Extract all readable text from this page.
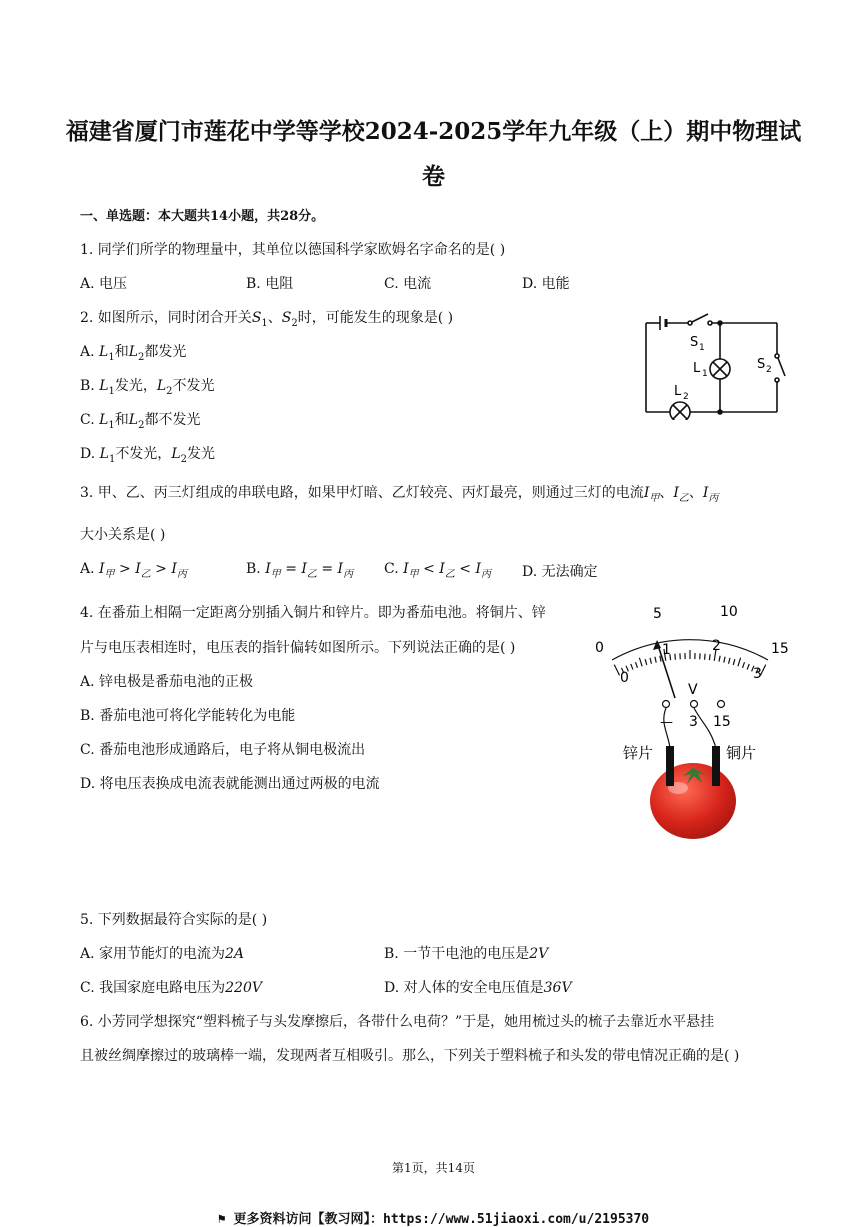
福建省厦门市莲花中学等学校2024-2025学年九年级（上）期中物理试
卷
一、单选题：本大题共14小题，共28分。
1. 同学们所学的物理量中，其单位以德国科学家欧姆名字命名的是( )
A. 电压	B. 电阻	C. 电流	D. 电能
2. 如图所示，同时闭合开关$S_1$、$S_2$时，可能发生的现象是( )
A. $L_1$和$L_2$都发光
B. $L_1$发光，$L_2$不发光
C. $L_1$和$L_2$都不发光
D. $L_1$不发光，$L_2$发光
S 1
S 2
L 1
L 2
3. 甲、乙、丙三灯组成的串联电路，如果甲灯暗、乙灯较亮、丙灯最亮，则通过三灯的电流$I_甲$、$I_乙$、$I_丙$
大小关系是( )
A. $I_甲 > I_乙 > I_丙$	B. $I_甲 = I_乙 = I_丙$ C. $I_甲 < I_乙 < I_丙$ D. 无法确定
4. 在番茄上相隔一定距离分别插入铜片和锌片。即为番茄电池。将铜片、锌
片与电压表相连时，电压表的指针偏转如图所示。下列说法正确的是( )
A. 锌电极是番茄电池的正极
B. 番茄电池可将化学能转化为电能
C. 番茄电池形成通路后，电子将从铜电极流出
D. 将电压表换成电流表就能测出通过两极的电流
0
5	10
15
0
1	2
3
V
— 3 15
锌片	铜片
5. 下列数据最符合实际的是( )
A. 家用节能灯的电流为2A	B. 一节干电池的电压是2V
C. 我国家庭电路电压为220V	D. 对人体的安全电压值是36V
6. 小芳同学想探究“塑料梳子与头发摩擦后，各带什么电荷？”于是，她用梳过头的梳子去靠近水平悬挂
且被丝绸摩擦过的玻璃棒一端，发现两者互相吸引。那么，下列关于塑料梳子和头发的带电情况正确的是( )
第1页，共14页
⚑ 更多资料访问【教习网】：https://www.51jiaoxi.com/u/2195370
